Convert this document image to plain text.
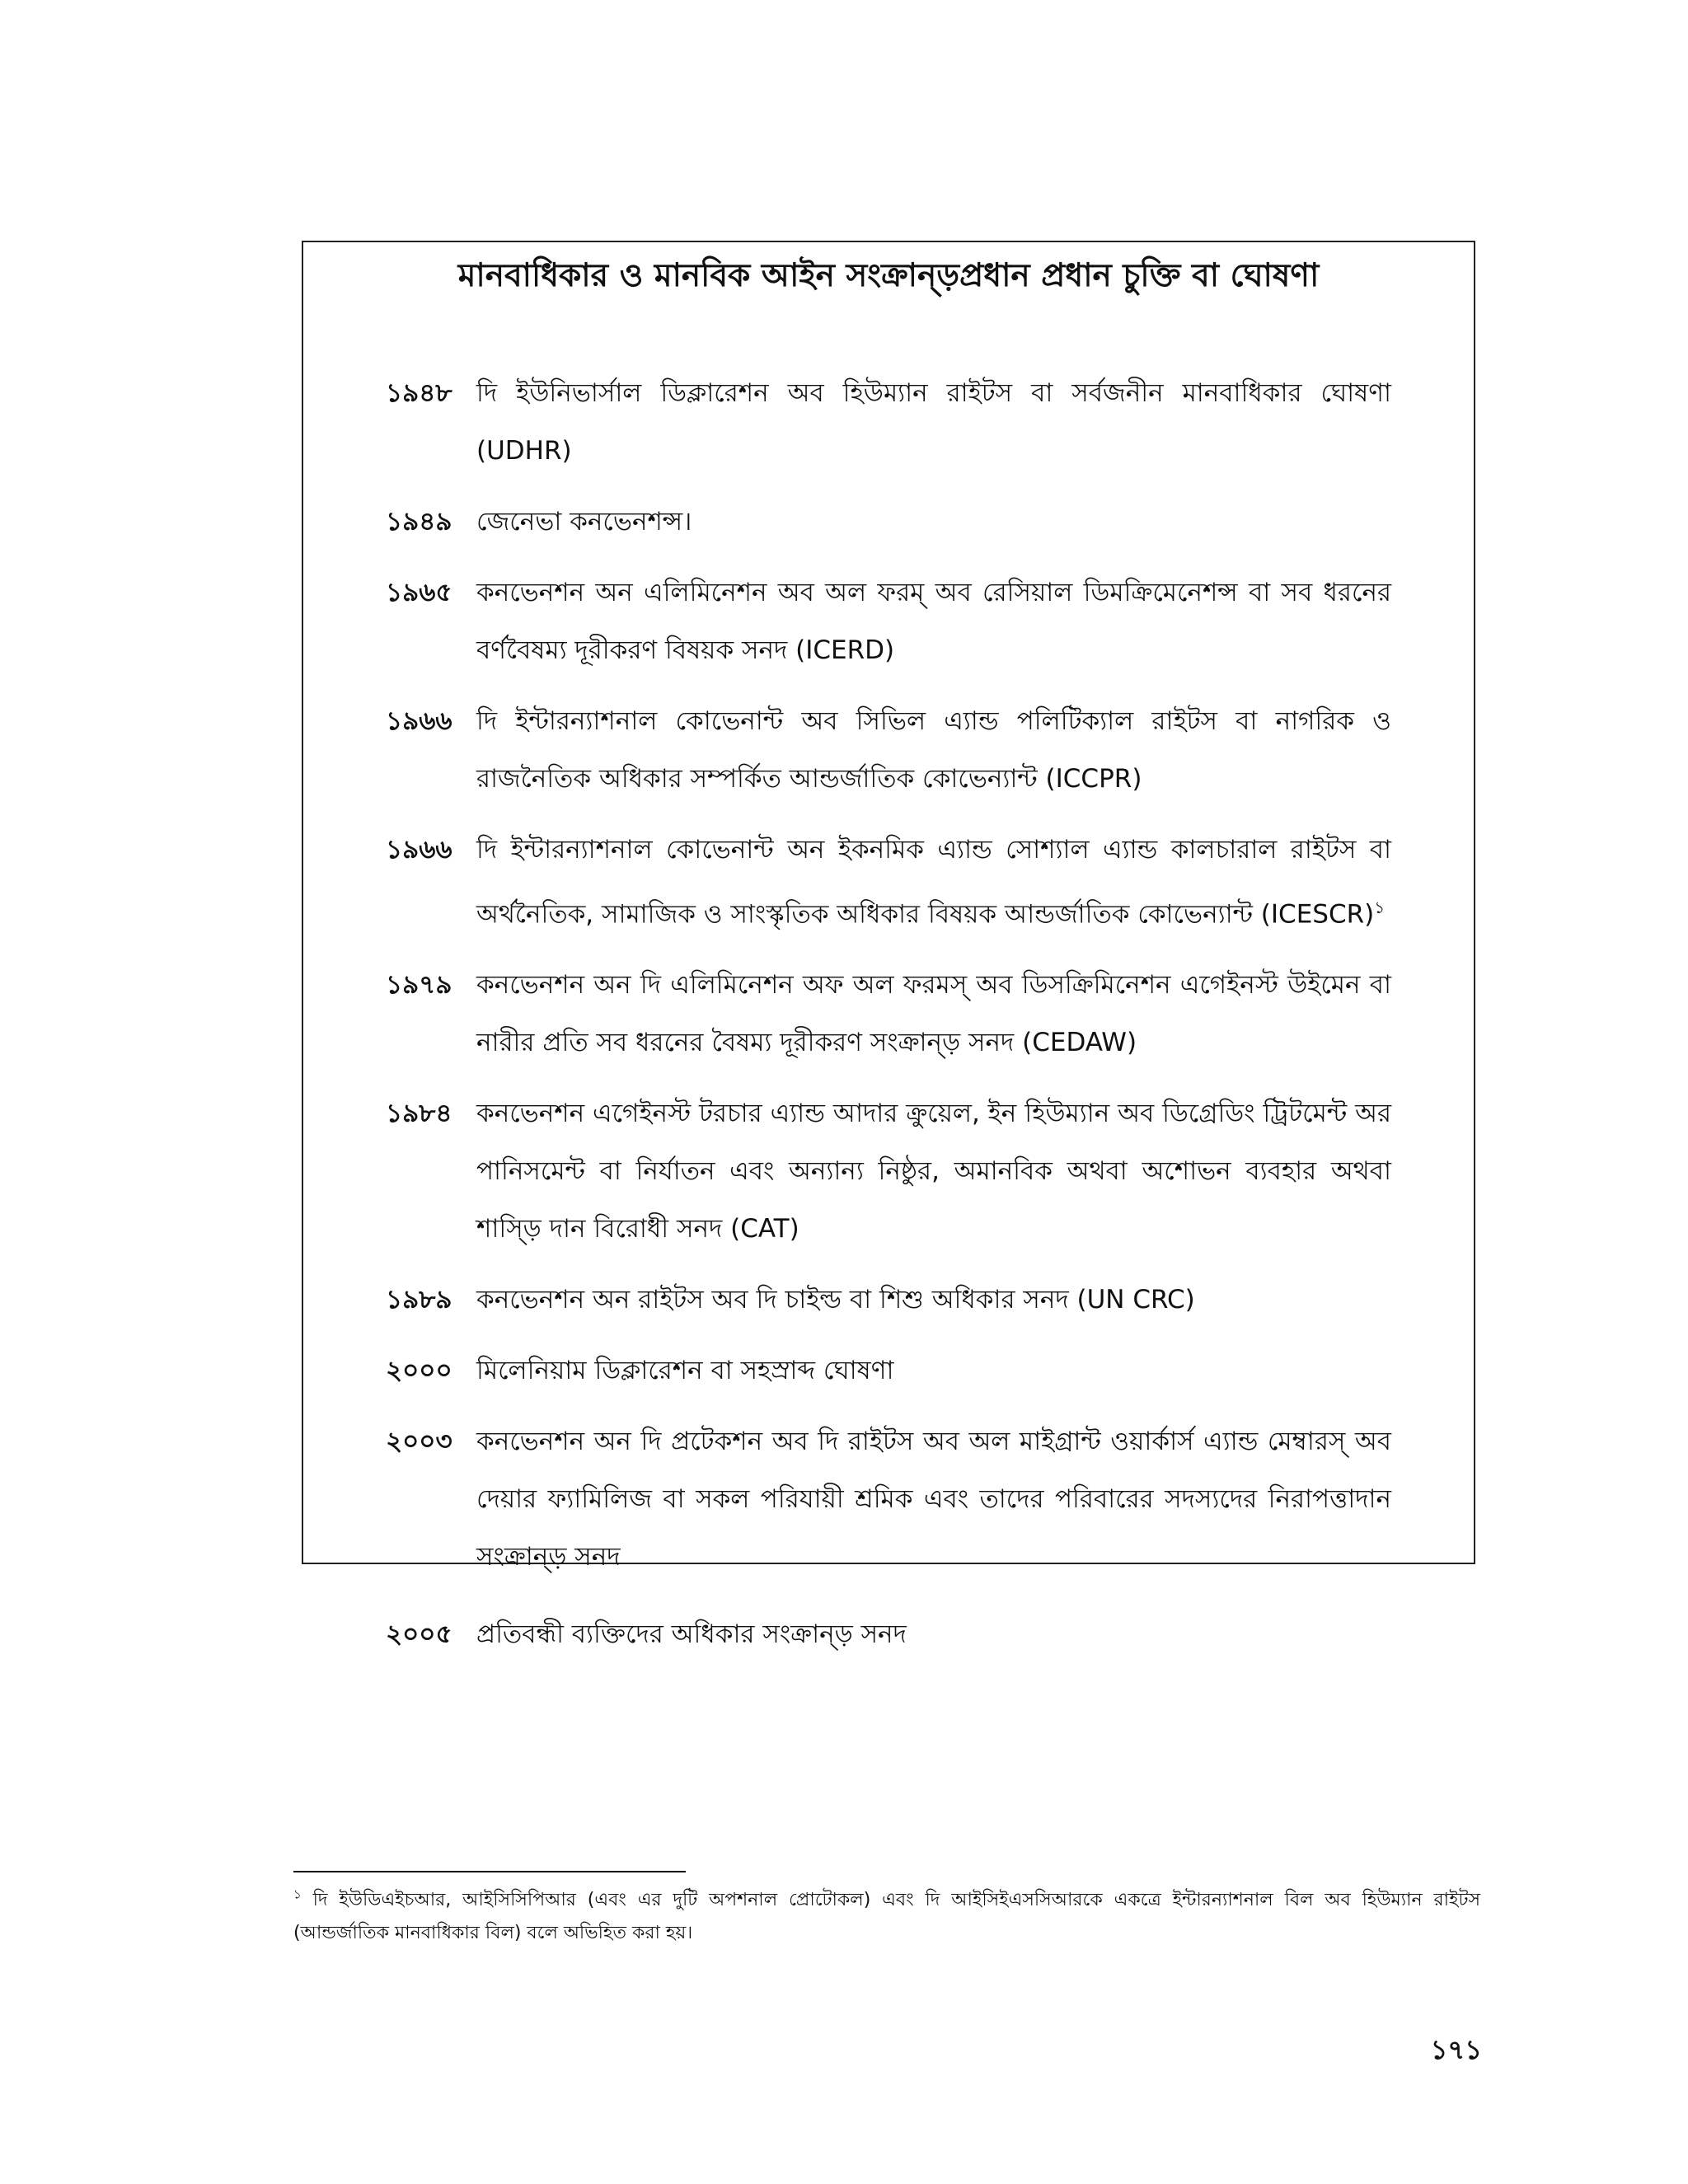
মানবাধিকার ও মানবিক আইন সংক্রান্ড়প্রধান প্রধান চুক্তি বা ঘোষণা
১৯৪৮ দি ইউনিভার্সাল ডিক্লারেশন অব হিউম্যান রাইটস বা সর্বজনীন মানবাধিকার ঘোষণা (UDHR)
১৯৪৯ জেনেভা কনভেনশন্স।
১৯৬৫ কনভেনশন অন এলিমিনেশন অব অল ফরম্ অব রেসিয়াল ডিমক্রিমেনেশন্স বা সব ধরনের বর্ণবৈষম্য দূরীকরণ বিষয়ক সনদ (ICERD)
১৯৬৬ দি ইন্টারন্যাশনাল কোভেনান্ট অব সিভিল এ্যান্ড পলিটিক্যাল রাইটস বা নাগরিক ও রাজনৈতিক অধিকার সম্পর্কিত আন্ডর্জাতিক কোভেন্যান্ট (ICCPR)
১৯৬৬ দি ইন্টারন্যাশনাল কোভেনান্ট অন ইকনমিক এ্যান্ড সোশ্যাল এ্যান্ড কালচারাল রাইটস বা অর্থনৈতিক, সামাজিক ও সাংস্কৃতিক অধিকার বিষয়ক আন্ডর্জাতিক কোভেন্যান্ট (ICESCR)$^১$
১৯৭৯ কনভেনশন অন দি এলিমিনেশন অফ অল ফরমস্ অব ডিসক্রিমিনেশন এগেইনস্ট উইমেন বা নারীর প্রতি সব ধরনের বৈষম্য দূরীকরণ সংক্রান্ড় সনদ (CEDAW)
১৯৮৪ কনভেনশন এগেইনস্ট টরচার এ্যান্ড আদার ক্রুয়েল, ইন হিউম্যান অব ডিগ্রেডিং ট্রিটমেন্ট অর পানিসমেন্ট বা নির্যাতন এবং অন্যান্য নিষ্ঠুর, অমানবিক অথবা অশোভন ব্যবহার অথবা শাস্ড়ি দান বিরোধী সনদ (CAT)
১৯৮৯ কনভেনশন অন রাইটস অব দি চাইল্ড বা শিশু অধিকার সনদ (UN CRC)
২০০০ মিলেনিয়াম ডিক্লারেশন বা সহস্রাব্দ ঘোষণা
২০০৩ কনভেনশন অন দি প্রটেকশন অব দি রাইটস অব অল মাইগ্রান্ট ওয়ার্কার্স এ্যান্ড মেম্বারস্ অব দেয়ার ফ্যামিলিজ বা সকল পরিযায়ী শ্রমিক এবং তাদের পরিবারের সদস্যদের নিরাপত্তাদান সংক্রান্ড় সনদ
২০০৫ প্রতিবন্ধী ব্যক্তিদের অধিকার সংক্রান্ড় সনদ
$^১$ দি ইউডিএইচআর, আইসিসিপিআর (এবং এর দুটি অপশনাল প্রোটোকল) এবং দি আইসিইএসসিআরকে একত্রে ইন্টারন্যাশনাল বিল অব হিউম্যান রাইটস (আন্ডর্জাতিক মানবাধিকার বিল) বলে অভিহিত করা হয়।
১৭১
